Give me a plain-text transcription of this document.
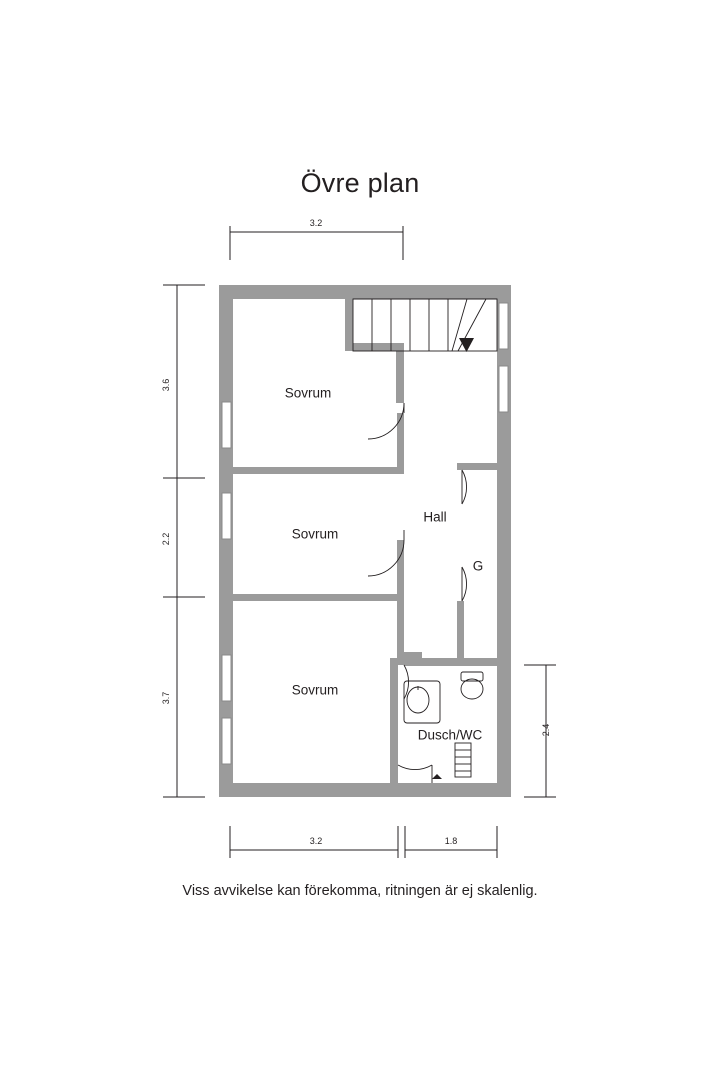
Övre plan
Viss avvikelse kan förekomma, ritningen är ej skalenlig.
Sovrum
Sovrum
Sovrum
Hall
G
Dusch/WC
3.2
3.6
2.2
3.7
2.4
3.2	1.8
